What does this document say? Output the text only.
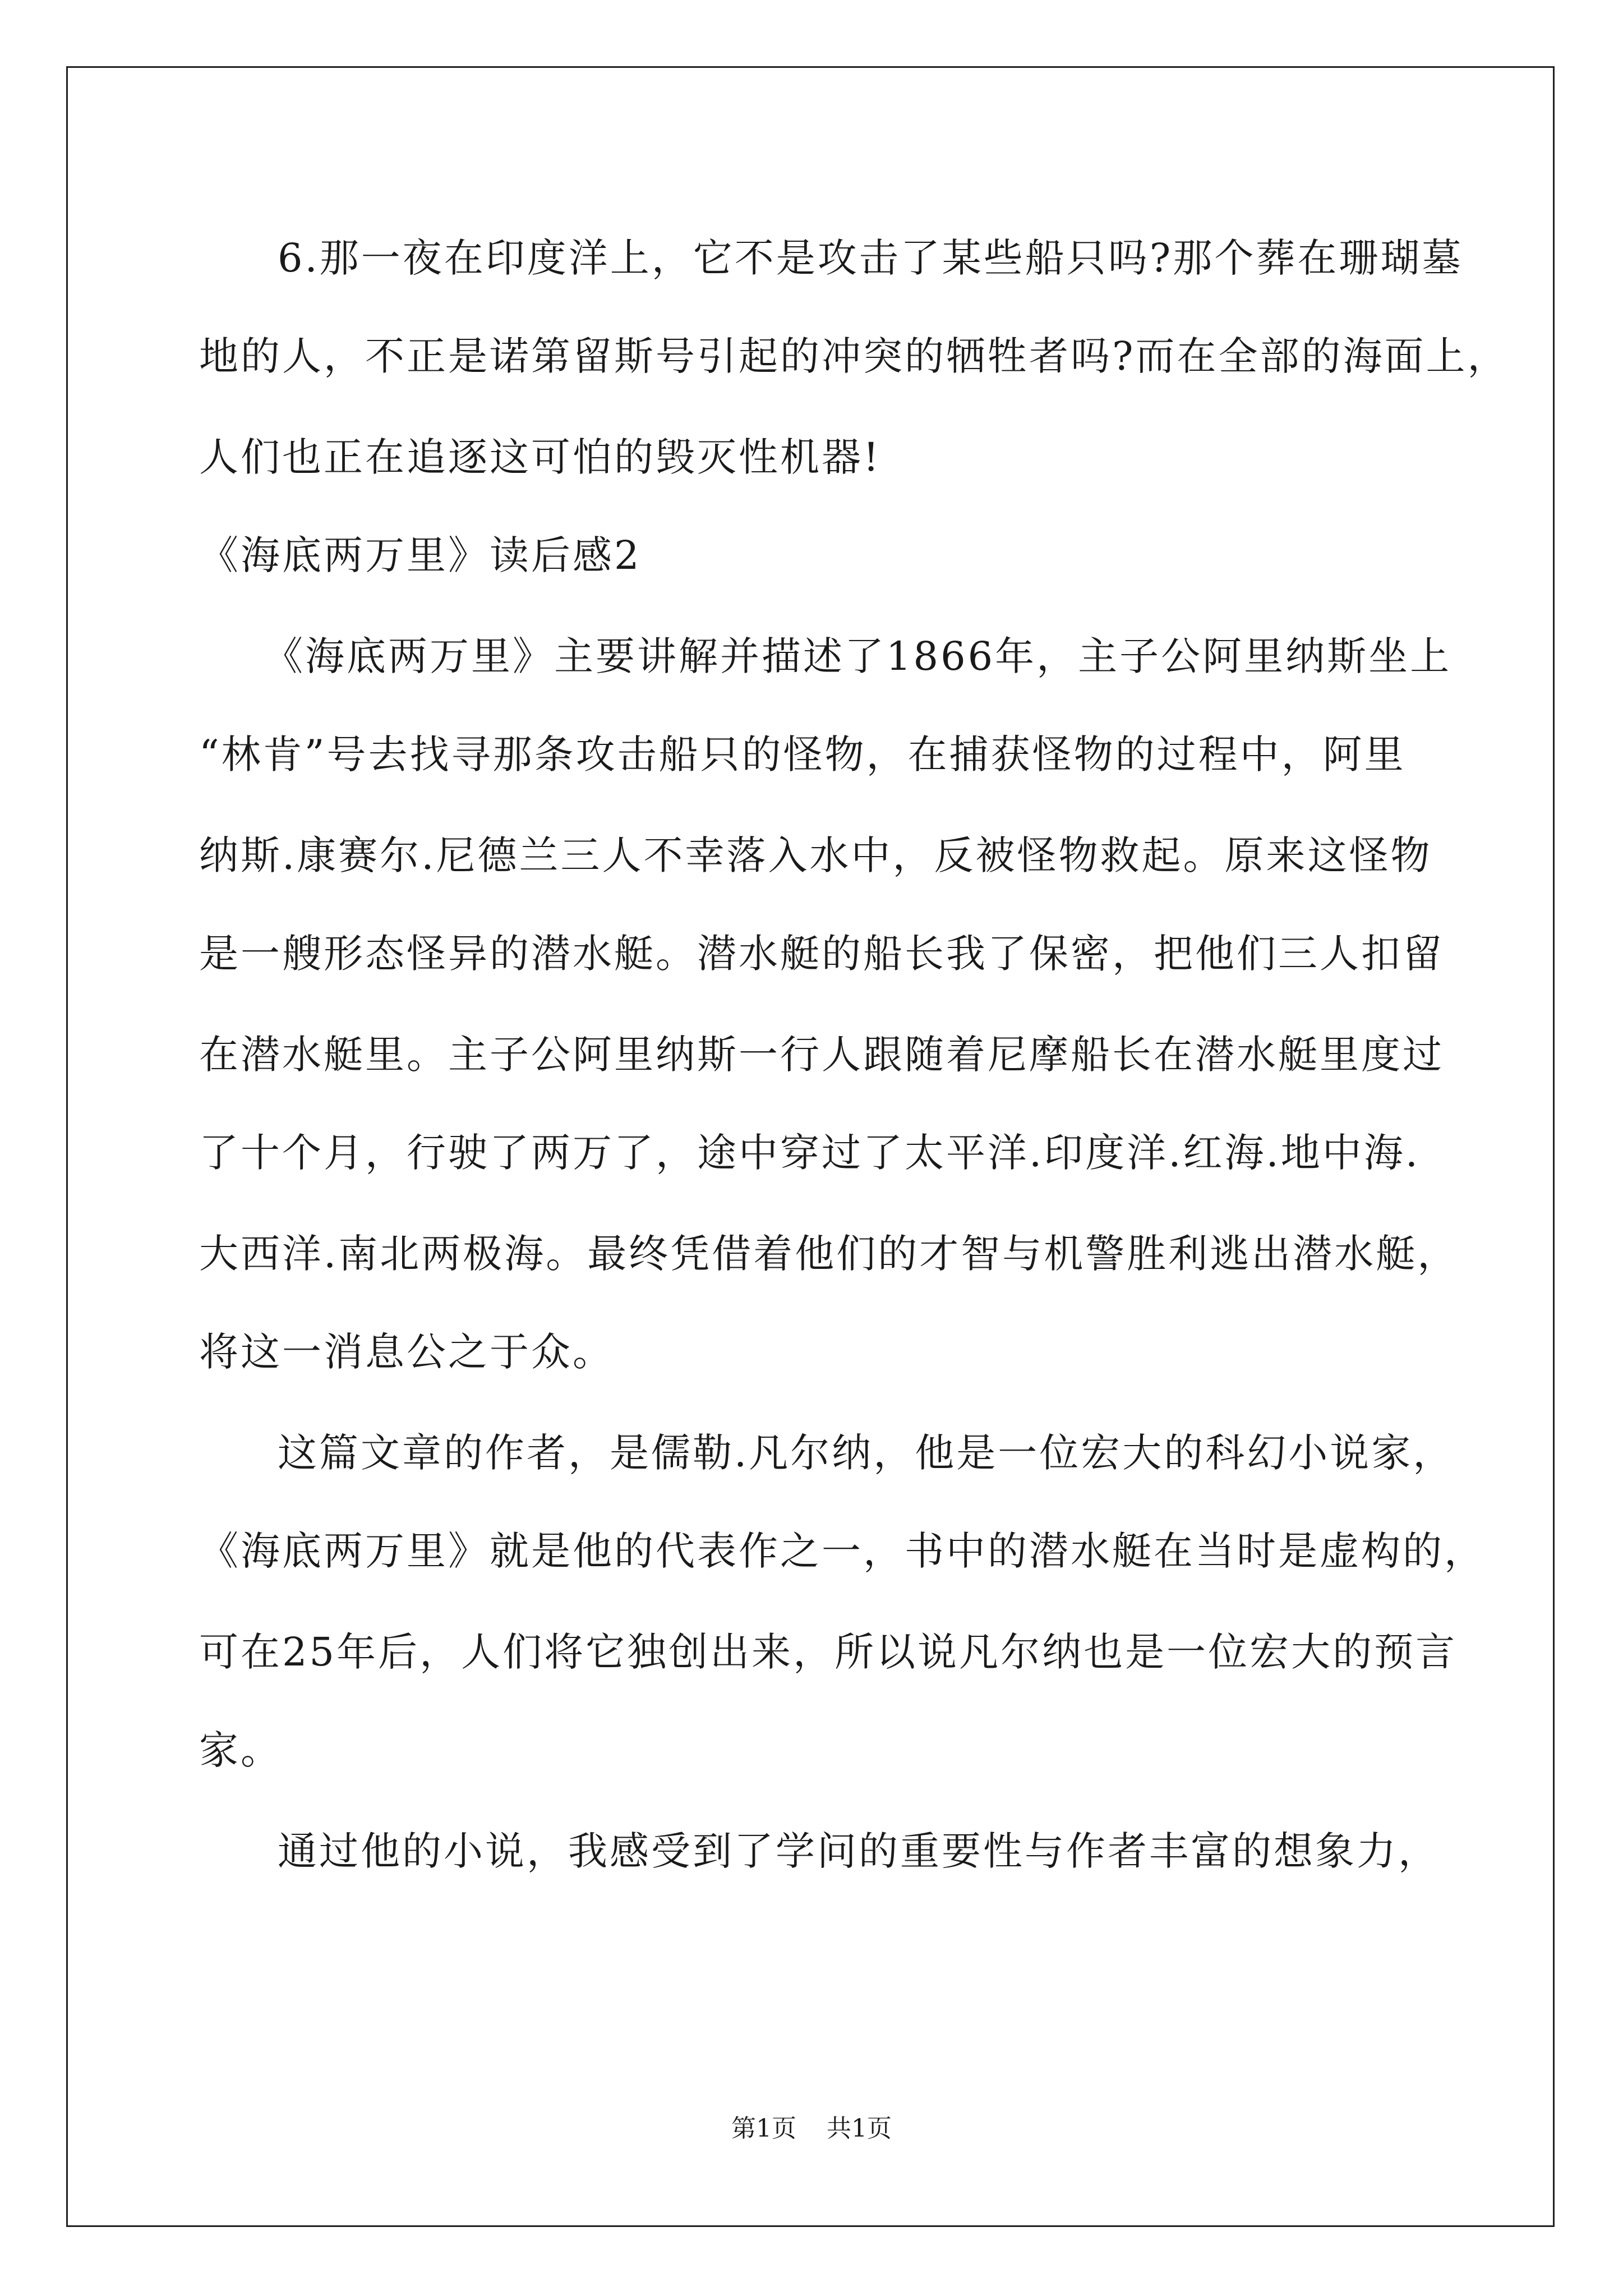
6.那一夜在印度洋上，它不是攻击了某些船只吗?那个葬在珊瑚墓
地的人，不正是诺第留斯号引起的冲突的牺牲者吗?而在全部的海面上，
人们也正在追逐这可怕的毁灭性机器!
《海底两万里》读后感2
《海底两万里》主要讲解并描述了1866年，主子公阿里纳斯坐上
“林肯”号去找寻那条攻击船只的怪物，在捕获怪物的过程中，阿里
纳斯.康赛尔.尼德兰三人不幸落入水中，反被怪物救起。原来这怪物
是一艘形态怪异的潜水艇。潜水艇的船长我了保密，把他们三人扣留
在潜水艇里。主子公阿里纳斯一行人跟随着尼摩船长在潜水艇里度过
了十个月，行驶了两万了，途中穿过了太平洋.印度洋.红海.地中海.
大西洋.南北两极海。最终凭借着他们的才智与机警胜利逃出潜水艇，
将这一消息公之于众。
这篇文章的作者，是儒勒.凡尔纳，他是一位宏大的科幻小说家，
《海底两万里》就是他的代表作之一，书中的潜水艇在当时是虚构的，
可在25年后，人们将它独创出来，所以说凡尔纳也是一位宏大的预言
家。
通过他的小说，我感受到了学问的重要性与作者丰富的想象力，
第1页 共1页
